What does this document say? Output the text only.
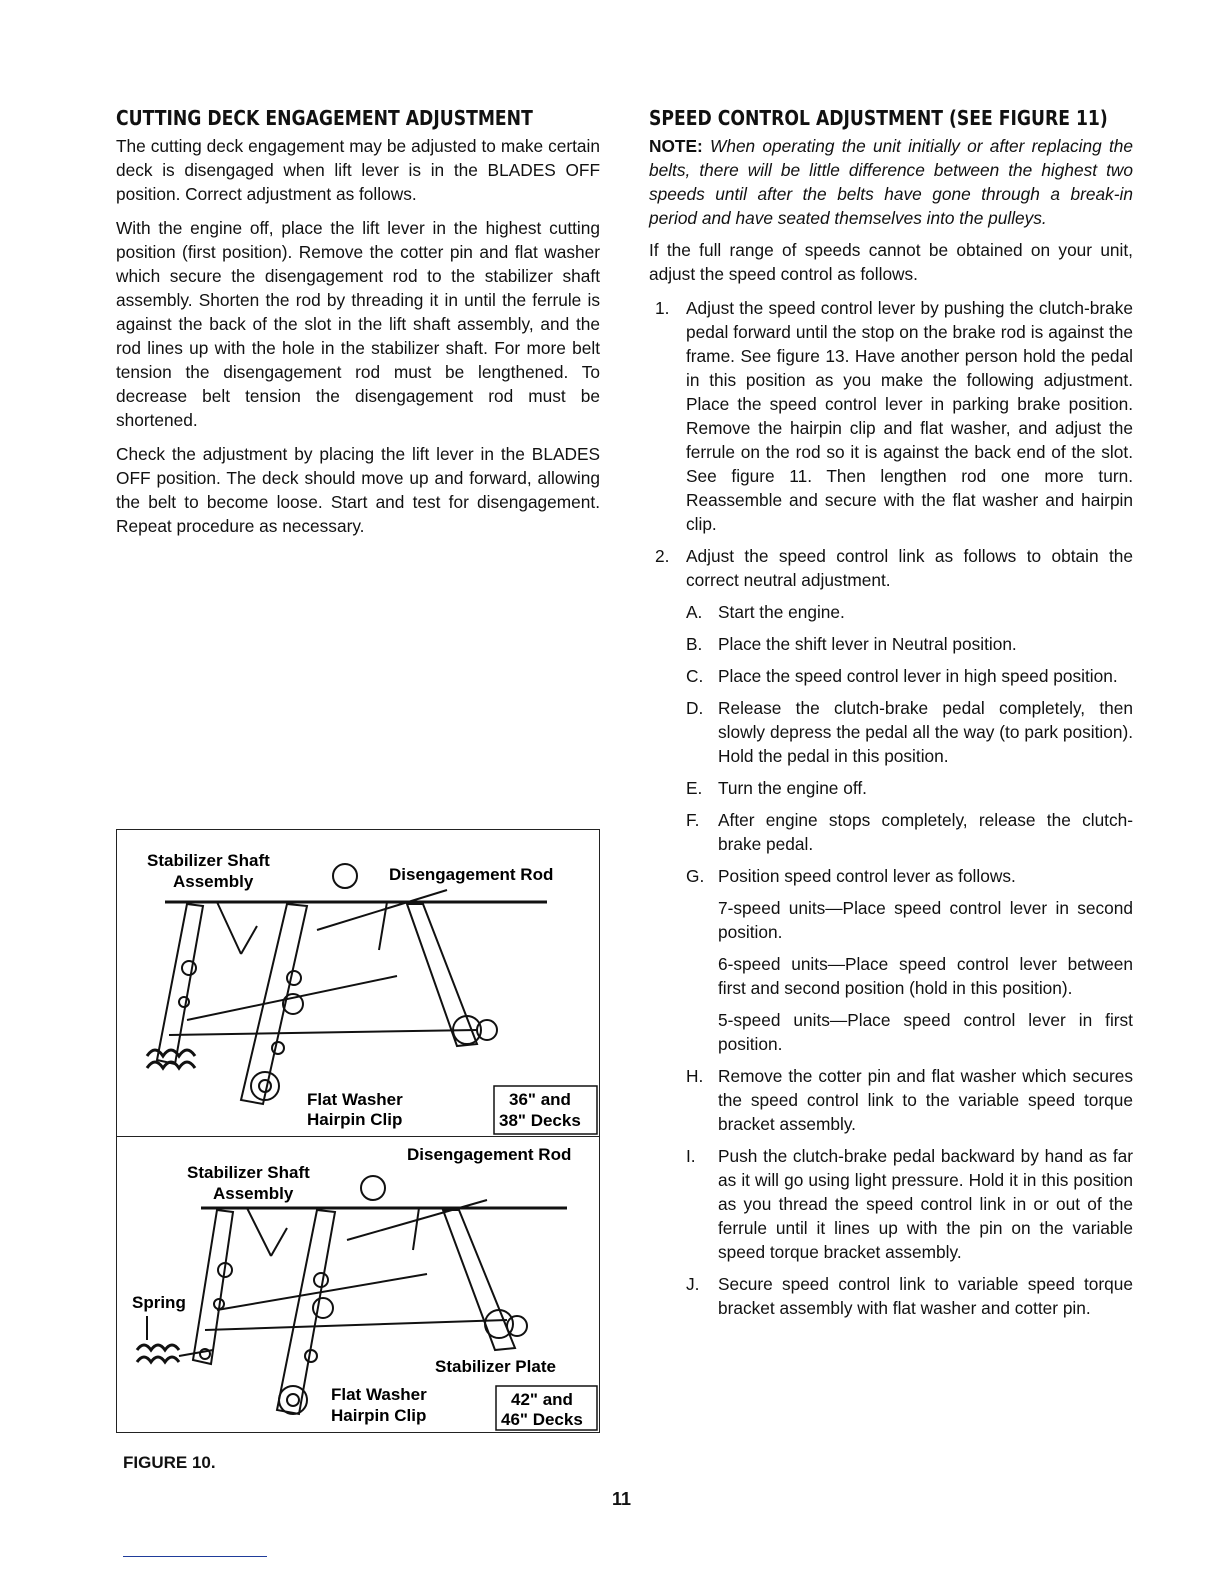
CUTTING DECK ENGAGEMENT ADJUSTMENT

The cutting deck engagement may be adjusted to make certain deck is disengaged when lift lever is in the BLADES OFF position. Correct adjustment as follows.

With the engine off, place the lift lever in the highest cutting position (first position). Remove the cotter pin and flat washer which secure the disengagement rod to the stabilizer shaft assembly. Shorten the rod by threading it in until the ferrule is against the back of the slot in the lift shaft assembly, and the rod lines up with the hole in the stabilizer shaft. For more belt tension the disengagement rod must be lengthened. To decrease belt tension the disengagement rod must be shortened.

Check the adjustment by placing the lift lever in the BLADES OFF position. The deck should move up and forward, allowing the belt to become loose. Start and test for disengagement. Repeat procedure as necessary.

Stabilizer Shaft
Assembly	Disengagement Rod
Flat Washer
Hairpin Clip
36" and
38" Decks
Stabilizer Shaft
Assembly
Disengagement Rod
Spring
Stabilizer Plate
Flat Washer
Hairpin Clip
42" and
46" Decks
FIGURE 10.
SPEED CONTROL ADJUSTMENT (SEE FIGURE 11)

NOTE: When operating the unit initially or after replacing the belts, there will be little difference between the highest two speeds until after the belts have gone through a break-in period and have seated themselves into the pulleys.

If the full range of speeds cannot be obtained on your unit, adjust the speed control as follows.

1. Adjust the speed control lever by pushing the clutch-brake pedal forward until the stop on the brake rod is against the frame. See figure 13. Have another person hold the pedal in this position as you make the following adjustment. Place the speed control lever in parking brake position. Remove the hairpin clip and flat washer, and adjust the ferrule on the rod so it is against the back end of the slot. See figure 11. Then lengthen rod one more turn. Reassemble and secure with the flat washer and hairpin clip.
2. Adjust the speed control link as follows to obtain the correct neutral adjustment.
A. Start the engine.
B. Place the shift lever in Neutral position.
C. Place the speed control lever in high speed position.
D. Release the clutch-brake pedal completely, then slowly depress the pedal all the way (to park position). Hold the pedal in this position.
E. Turn the engine off.
F. After engine stops completely, release the clutch-brake pedal.
G. Position speed control lever as follows.
7-speed units—Place speed control lever in second position.
6-speed units—Place speed control lever between first and second position (hold in this position).
5-speed units—Place speed control lever in first position.
H. Remove the cotter pin and flat washer which secures the speed control link to the variable speed torque bracket assembly.
I. Push the clutch-brake pedal backward by hand as far as it will go using light pressure. Hold it in this position as you thread the speed control link in or out of the ferrule until it lines up with the pin on the variable speed torque bracket assembly.
J. Secure speed control link to variable speed torque bracket assembly with flat washer and cotter pin.
11
